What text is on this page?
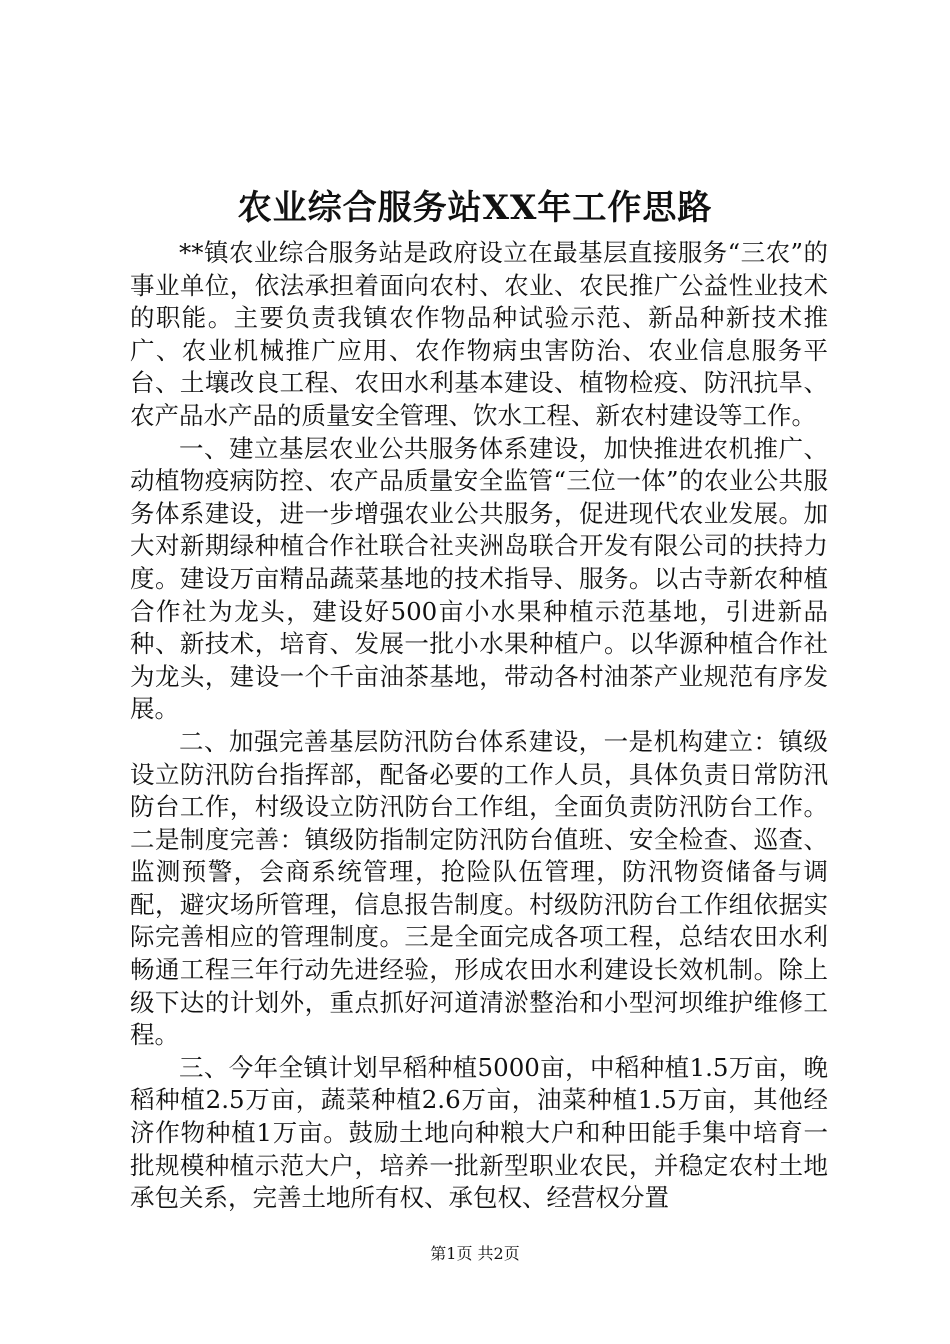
农业综合服务站XX年工作思路

**镇农业综合服务站是政府设立在最基层直接服务“三农”的事业单位，依法承担着面向农村、农业、农民推广公益性业技术的职能。主要负责我镇农作物品种试验示范、新品种新技术推广、农业机械推广应用、农作物病虫害防治、农业信息服务平台、土壤改良工程、农田水利基本建设、植物检疫、防汛抗旱、农产品水产品的质量安全管理、饮水工程、新农村建设等工作。

一、建立基层农业公共服务体系建设，加快推进农机推广、动植物疫病防控、农产品质量安全监管“三位一体”的农业公共服务体系建设，进一步增强农业公共服务，促进现代农业发展。加大对新期绿种植合作社联合社夹洲岛联合开发有限公司的扶持力度。建设万亩精品蔬菜基地的技术指导、服务。以古寺新农种植合作社为龙头，建设好500亩小水果种植示范基地，引进新品种、新技术，培育、发展一批小水果种植户。以华源种植合作社为龙头，建设一个千亩油茶基地，带动各村油茶产业规范有序发展。

二、加强完善基层防汛防台体系建设，一是机构建立：镇级设立防汛防台指挥部，配备必要的工作人员，具体负责日常防汛防台工作，村级设立防汛防台工作组，全面负责防汛防台工作。二是制度完善：镇级防指制定防汛防台值班、安全检查、巡查、监测预警，会商系统管理，抢险队伍管理，防汛物资储备与调配，避灾场所管理，信息报告制度。村级防汛防台工作组依据实际完善相应的管理制度。三是全面完成各项工程，总结农田水利畅通工程三年行动先进经验，形成农田水利建设长效机制。除上级下达的计划外，重点抓好河道清淤整治和小型河坝维护维修工程。

三、今年全镇计划早稻种植5000亩，中稻种植1.5万亩，晚稻种植2.5万亩，蔬菜种植2.6万亩，油菜种植1.5万亩，其他经济作物种植1万亩。鼓励土地向种粮大户和种田能手集中培育一批规模种植示范大户，培养一批新型职业农民，并稳定农村土地承包关系，完善土地所有权、承包权、经营权分置

第1页 共2页
